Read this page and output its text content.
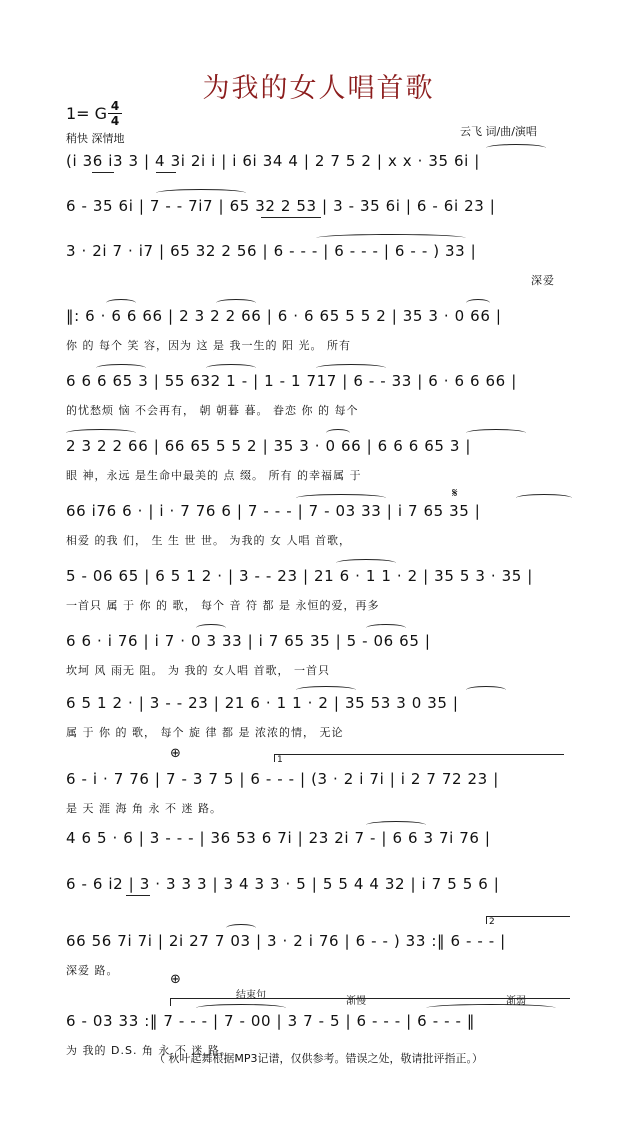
为我的女人唱首歌
1= G 4
4
稍快 深情地
云飞 词/曲/演唱
(i 36 i3 3 | 4 3i 2i i | i 6i 34 4 | 2 7 5 2 | x x · 35 6i |
6 - 35 6i | 7 - - 7i7 | 65 32 2 53 | 3 - 35 6i | 6 - 6i 23 |
3 · 2i 7 · i7 | 65 32 2 56 | 6 - - - | 6 - - - | 6 - - ) 33 |
深爱
‖: 6 · 6 6 66 | 2 3 2 2 66 | 6 · 6 65 5 5 2 | 35 3 · 0 66 |
你 的 每个 笑 容，因为 这 是 我一生的 阳 光。 所有
6 6 6 65 3 | 55 632 1 - | 1 - 1 717 | 6 - - 33 | 6 · 6 6 66 |
的忧愁烦 恼 不会再有， 朝 朝暮 暮。 眷恋 你 的 每个
2 3 2 2 66 | 66 65 5 5 2 | 35 3 · 0 66 | 6 6 6 65 3 |
眼 神，永远 是生命中最美的 点 缀。 所有 的幸福属 于
66 i76 6 · | i · 7 76 6 | 7 - - - | 7 - 03 33 | i 7 65 35 |
相爱 的我 们， 生 生 世 世。 为我的 女 人唱 首歌，
𝄋
5 - 06 65 | 6 5 1 2 · | 3 - - 23 | 21 6 · 1 1 · 2 | 35 5 3 · 35 |
一首只 属 于 你 的 歌， 每个 音 符 都 是 永恒的爱，再多
6 6 · i 76 | i 7 · 0 3 33 | i 7 65 35 | 5 - 06 65 |
坎坷 风 雨无 阻。 为 我的 女人唱 首歌， 一首只
6 5 1 2 · | 3 - - 23 | 21 6 · 1 1 · 2 | 35 53 3 0 35 |
属 于 你 的 歌， 每个 旋 律 都 是 浓浓的情， 无论
6 - i · 7 76 | 7 - 3 7 5 | 6 - - - | (3 · 2 i 7i | i 2 7 72 23 |
是 天 涯 海 角 永 不 迷 路。
⊕	1
4 6 5 · 6 | 3 - - - | 36 53 6 7i | 23 2i 7 - | 6 6 3 7i 76 |
6 - 6 i2 | 3 · 3 3 3 | 3 4 3 3 · 5 | 5 5 4 4 32 | i 7 5 5 6 |
66 56 7i 7i | 2i 27 7 03 | 3 · 2 i 76 | 6 - - ) 33 :‖ 6 - - - |
深爱 路。
2
6 - 03 33 :‖ 7 - - - | 7 - 00 | 3 7 - 5 | 6 - - - | 6 - - - ‖
为 我的 D.S. 角 永 不 迷 路。
⊕
结束句
渐慢	渐弱
（ 秋叶起舞根据MP3记谱，仅供参考。错误之处，敬请批评指正。）
